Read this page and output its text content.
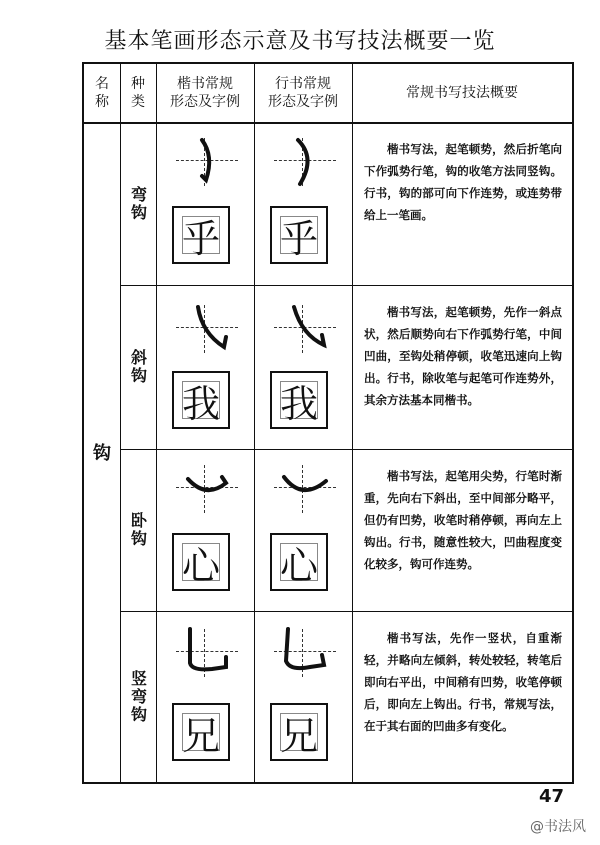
基本笔画形态示意及书写技法概要一览
名
称
种
类
楷书常规
形态及字例
行书常规
形态及字例
常规书写技法概要
钩
弯钩
乎 乎
楷书写法，起笔顿势，然后折笔向下作弧势行笔，钩的收笔方法同竖钩。行书，钩的部可向下作连势，或连势带给上一笔画。
斜钩
我 我
楷书写法，起笔顿势，先作一斜点状，然后顺势向右下作弧势行笔，中间凹曲，至钩处稍停顿，收笔迅速向上钩出。行书，除收笔与起笔可作连势外，其余方法基本同楷书。
卧钩
心 心
楷书写法，起笔用尖势，行笔时渐重，先向右下斜出，至中间部分略平，但仍有凹势，收笔时稍停顿，再向左上钩出。行书，随意性较大，凹曲程度变化较多，钩可作连势。
竖弯钩
兄 兄
楷书写法，先作一竖状，自重渐轻，并略向左倾斜，转处较轻，转笔后即向右平出，中间稍有凹势，收笔停顿后，即向左上钩出。行书，常规写法，在于其右面的凹曲多有变化。
47
@书法风
